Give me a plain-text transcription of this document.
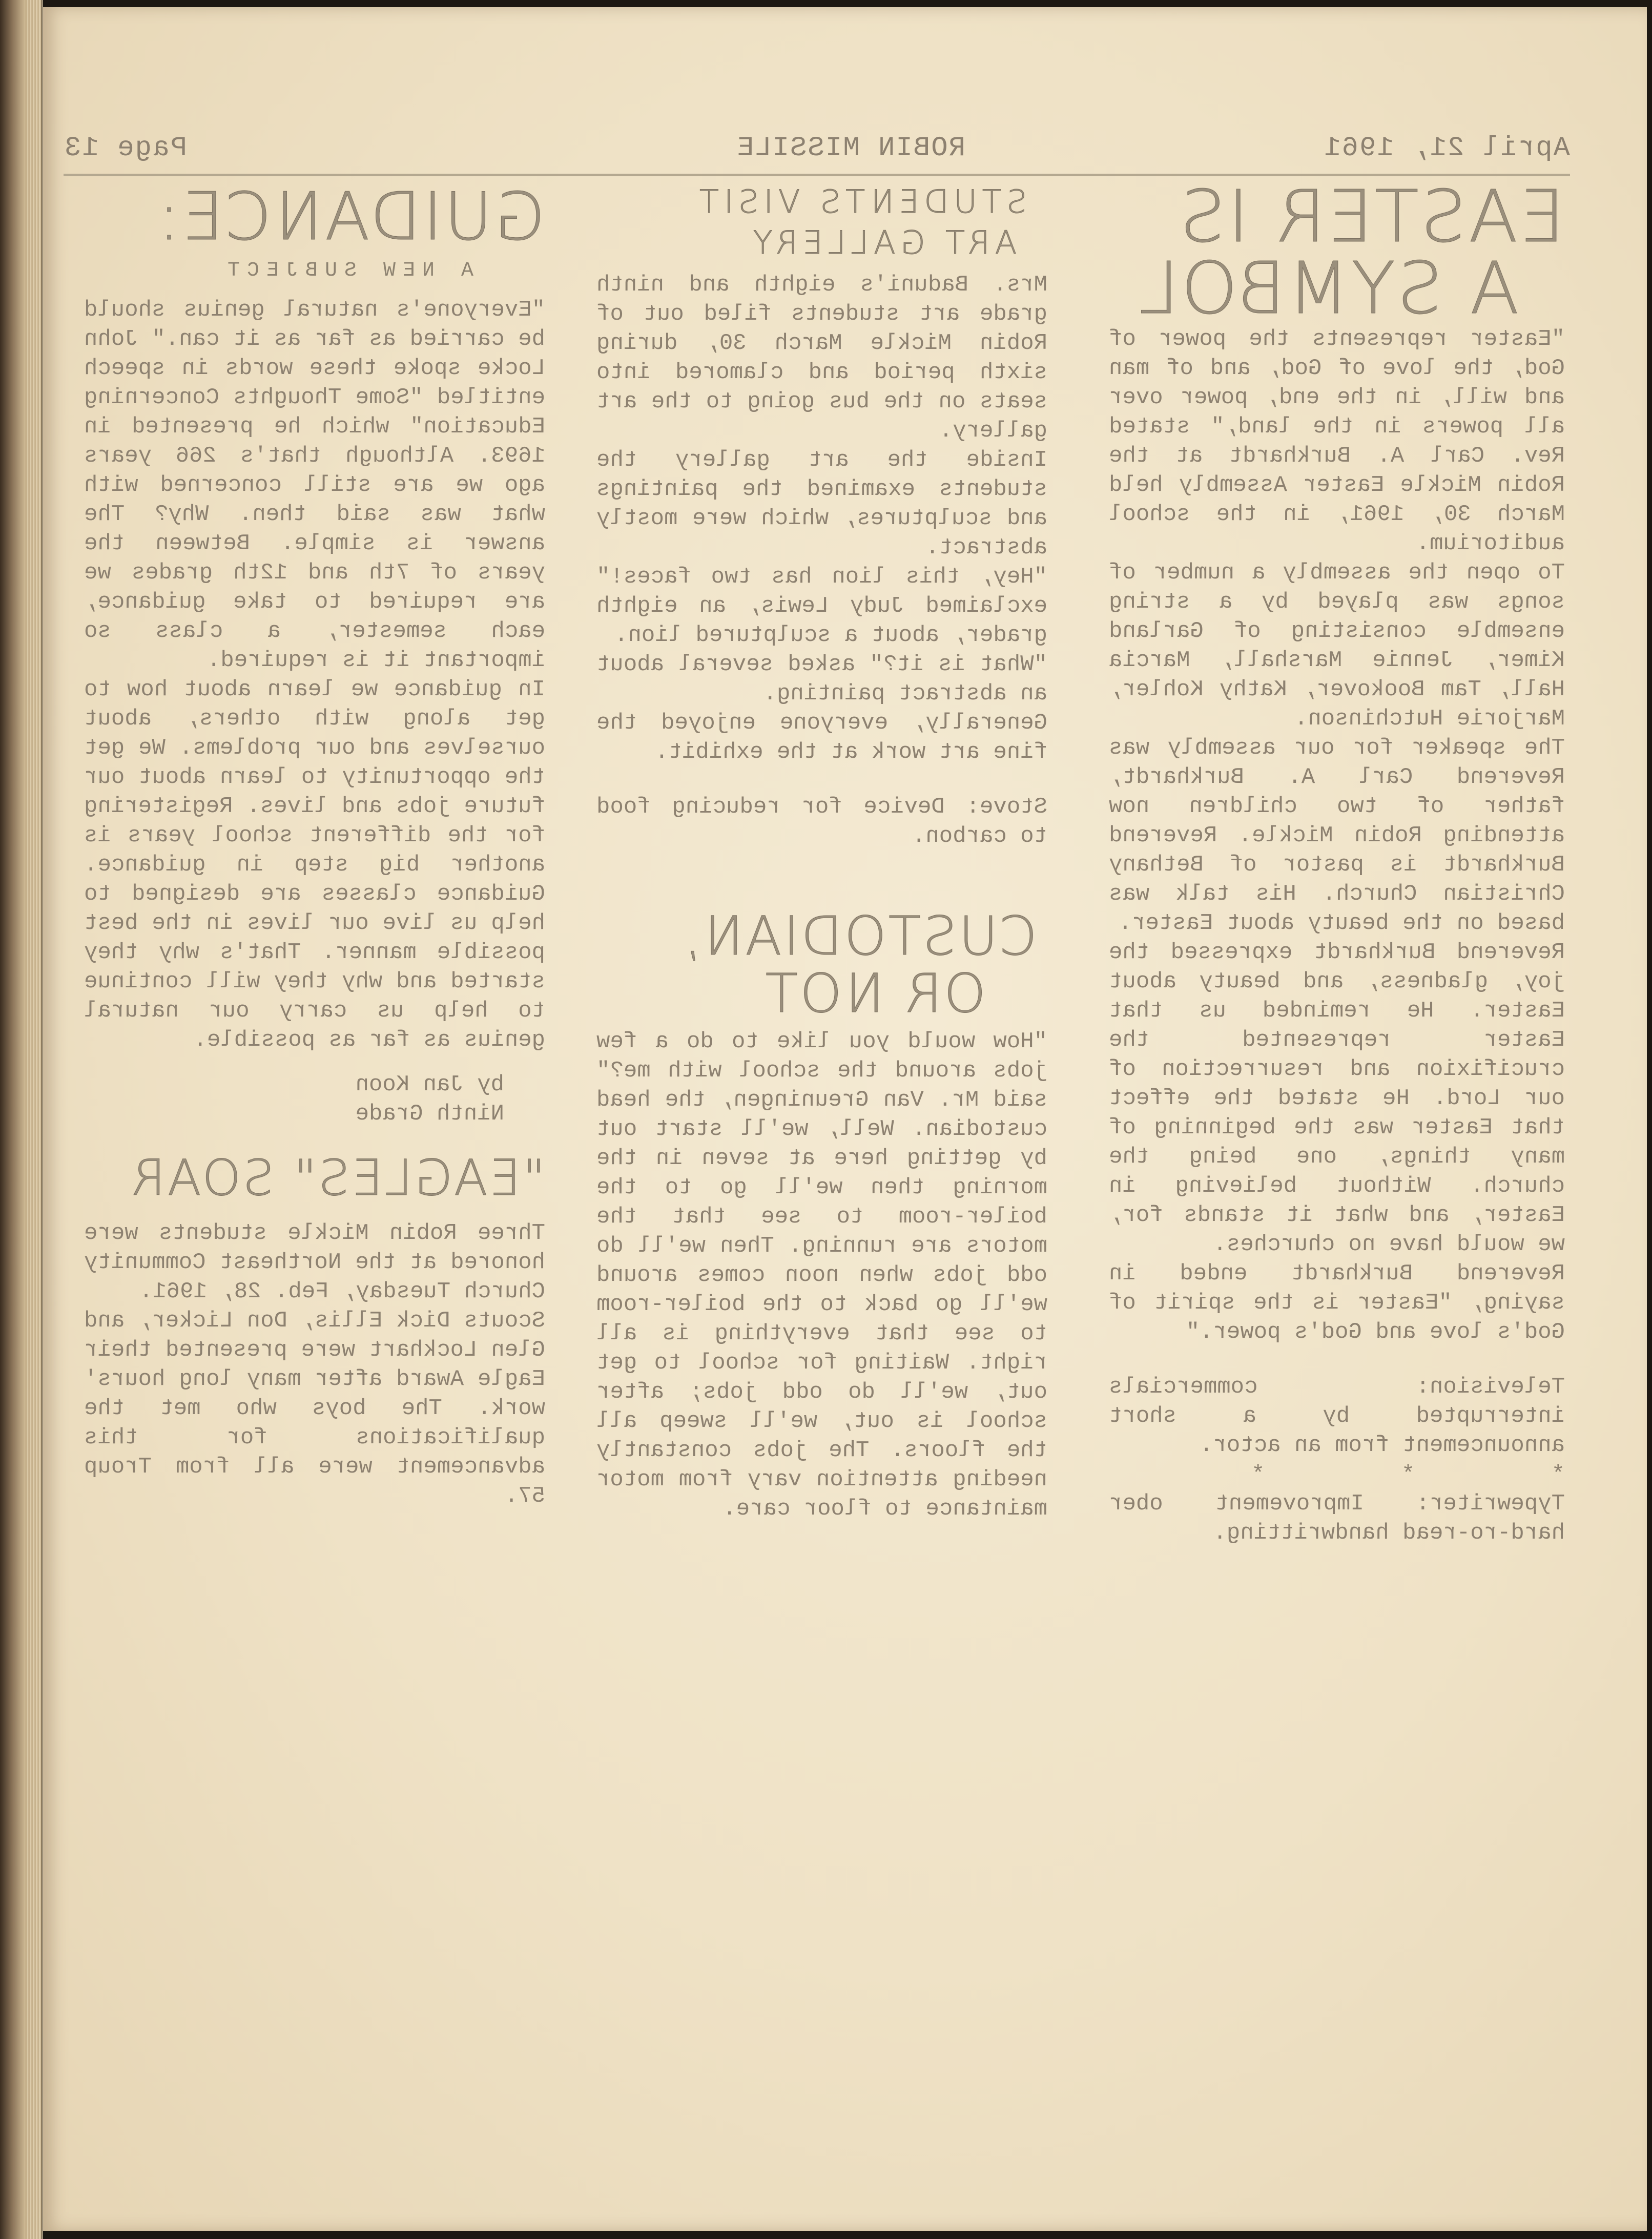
April 21, 1961
ROBIN MISSILE
Page 13
EASTER IS
A SYMBOL

"Easter represents the power of God, the love of God, and of man and will, in the end, power over all powers in the land," stated Rev. Carl A. Burkhardt at the Robin Mickle Easter Assembly held March 30, 1961, in the school auditorium.

To open the assembly a number of songs was played by a string ensemble consisting of Garland Kimer, Jennie Marshall, Marcia Hall, Tam Bookover, Kathy Kohler, Marjorie Hutchinson.

The speaker for our assembly was Reverend Carl A. Burkhardt, father of two children now attending Robin Mickle. Reverend Burkhardt is pastor of Bethany Christian Church. His talk was based on the beauty about Easter.

Reverend Burkhardt expressed the joy, gladness, and beauty about Easter. He reminded us that Easter represented the crucifixion and resurrection of our Lord. He stated the effect that Easter was the beginning of many things, one being the church. Without believing in Easter, and what it stands for, we would have no churches.

Reverend Burkhardt ended in saying, "Easter is the spirit of God's love and God's power."

Television: commercials interrupted by a short announcement from an actor.

* * *

Typewriter: Improvement ober hard-ro-read handwritting.

STUDENTS VISIT
ART GALLERY

Mrs. Baduni's eighth and ninth grade art students filed out of Robin Mickle March 30, during sixth period and clamored into seats on the bus going to the art gallery.

Inside the art gallery the students examined the paintings and sculptures, which were mostly abstract.

"Hey, this lion has two faces!" exclaimed Judy Lewis, an eighth grader, about a sculptured lion.

"What is it?" asked several about an abstract painting.

Generally, everyone enjoyed the fine art work at the exhibit.

Stove: Device for reducing food to carbon.

CUSTODIAN,
OR NOT

"How would you like to do a few jobs around the school with me?" said Mr. Van Greuningen, the head custodian. Well, we'll start out by getting here at seven in the morning then we'll go to the boiler-room to see that the motors are running. Then we'll do odd jobs when noon comes around we'll go back to the boiler-room to see that everything is all right. Waiting for school to get out, we'll do odd jobs; after school is out, we'll sweep all the floors. The jobs constantly needing attention vary from motor maintance to floor care.

GUIDANCE:
A NEW SUBJECT

"Everyone's natural genius should be carried as far as it can." John Locke spoke these words in speech entitled "Some Thoughts Concerning Education" which he presented in 1693. Although that's 266 years ago we are still concerned with what was said then. Why? The answer is simple. Between the years of 7th and 12th grades we are required to take guidance, each semester, a class so important it is required.

In guidance we learn about how to get along with others, about ourselves and our problems. We get the opportunity to learn about our future jobs and lives. Registering for the different school years is another big step in guidance. Guidance classes are designed to help us live our lives in the best possible manner. That's why they started and why they will continue to help us carry our natural genius as far as possible.

by Jan Koon
Ninth Grade
"EAGLES" SOAR

Three Robin Mickle students were honored at the Northeast Community Church Tuesday, Feb. 28, 1961.

Scouts Dick Ellis, Don Licker, and Glen Lockhart were presented their Eagle Award after many long hours' work. The boys who met the qualifications for this advancement were all from Troup 57.
